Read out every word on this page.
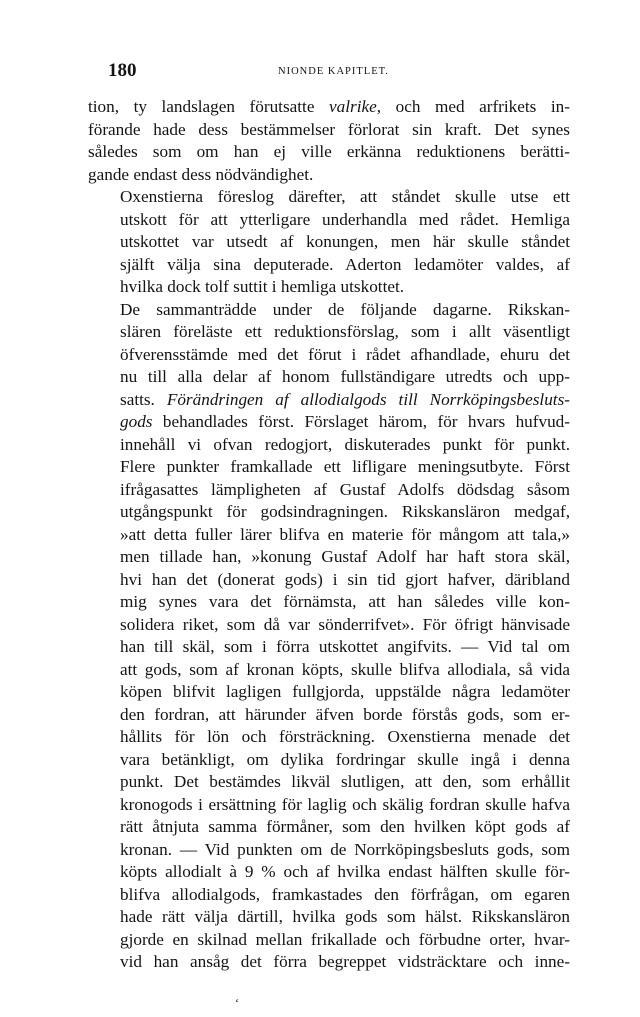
180	NIONDE KAPITLET.

tion, ty landslagen förutsatte valrike, och med arfrikets in-
förande hade dess bestämmelser förlorat sin kraft. Det synes
således som om han ej ville erkänna reduktionens berätti-
gande endast dess nödvändighet.

Oxenstierna föreslog därefter, att ståndet skulle utse ett
utskott för att ytterligare underhandla med rådet. Hemliga
utskottet var utsedt af konungen, men här skulle ståndet
själft välja sina deputerade. Aderton ledamöter valdes, af
hvilka dock tolf suttit i hemliga utskottet.

De sammanträdde under de följande dagarne. Rikskan-
slären föreläste ett reduktionsförslag, som i allt väsentligt
öfverensstämde med det förut i rådet afhandlade, ehuru det
nu till alla delar af honom fullständigare utredts och upp-
satts. Förändringen af allodialgods till Norrköpingsbesluts-
gods behandlades först. Förslaget härom, för hvars hufvud-
innehåll vi ofvan redogjort, diskuterades punkt för punkt.
Flere punkter framkallade ett lifligare meningsutbyte. Först
ifrågasattes lämpligheten af Gustaf Adolfs dödsdag såsom
utgångspunkt för godsindragningen. Rikskansläron medgaf,
»att detta fuller lärer blifva en materie för mångom att tala,»
men tillade han, »konung Gustaf Adolf har haft stora skäl,
hvi han det (donerat gods) i sin tid gjort hafver, däribland
mig synes vara det förnämsta, att han således ville kon-
solidera riket, som då var sönderrifvet». För öfrigt hänvisade
han till skäl, som i förra utskottet angifvits. — Vid tal om
att gods, som af kronan köpts, skulle blifva allodiala, så vida
köpen blifvit lagligen fullgjorda, uppstälde några ledamöter
den fordran, att härunder äfven borde förstås gods, som er-
hållits för lön och försträckning. Oxenstierna menade det
vara betänkligt, om dylika fordringar skulle ingå i denna
punkt. Det bestämdes likväl slutligen, att den, som erhållit
kronogods i ersättning för laglig och skälig fordran skulle hafva
rätt åtnjuta samma förmåner, som den hvilken köpt gods af
kronan. — Vid punkten om de Norrköpingsbesluts gods, som
köpts allodialt à 9 % och af hvilka endast hälften skulle för-
blifva allodialgods, framkastades den förfrågan, om egaren
hade rätt välja därtill, hvilka gods som hälst. Rikskansläron
gjorde en skilnad mellan frikallade och förbudne orter, hvar-
vid han ansåg det förra begreppet vidsträcktare och inne-

ʻ
